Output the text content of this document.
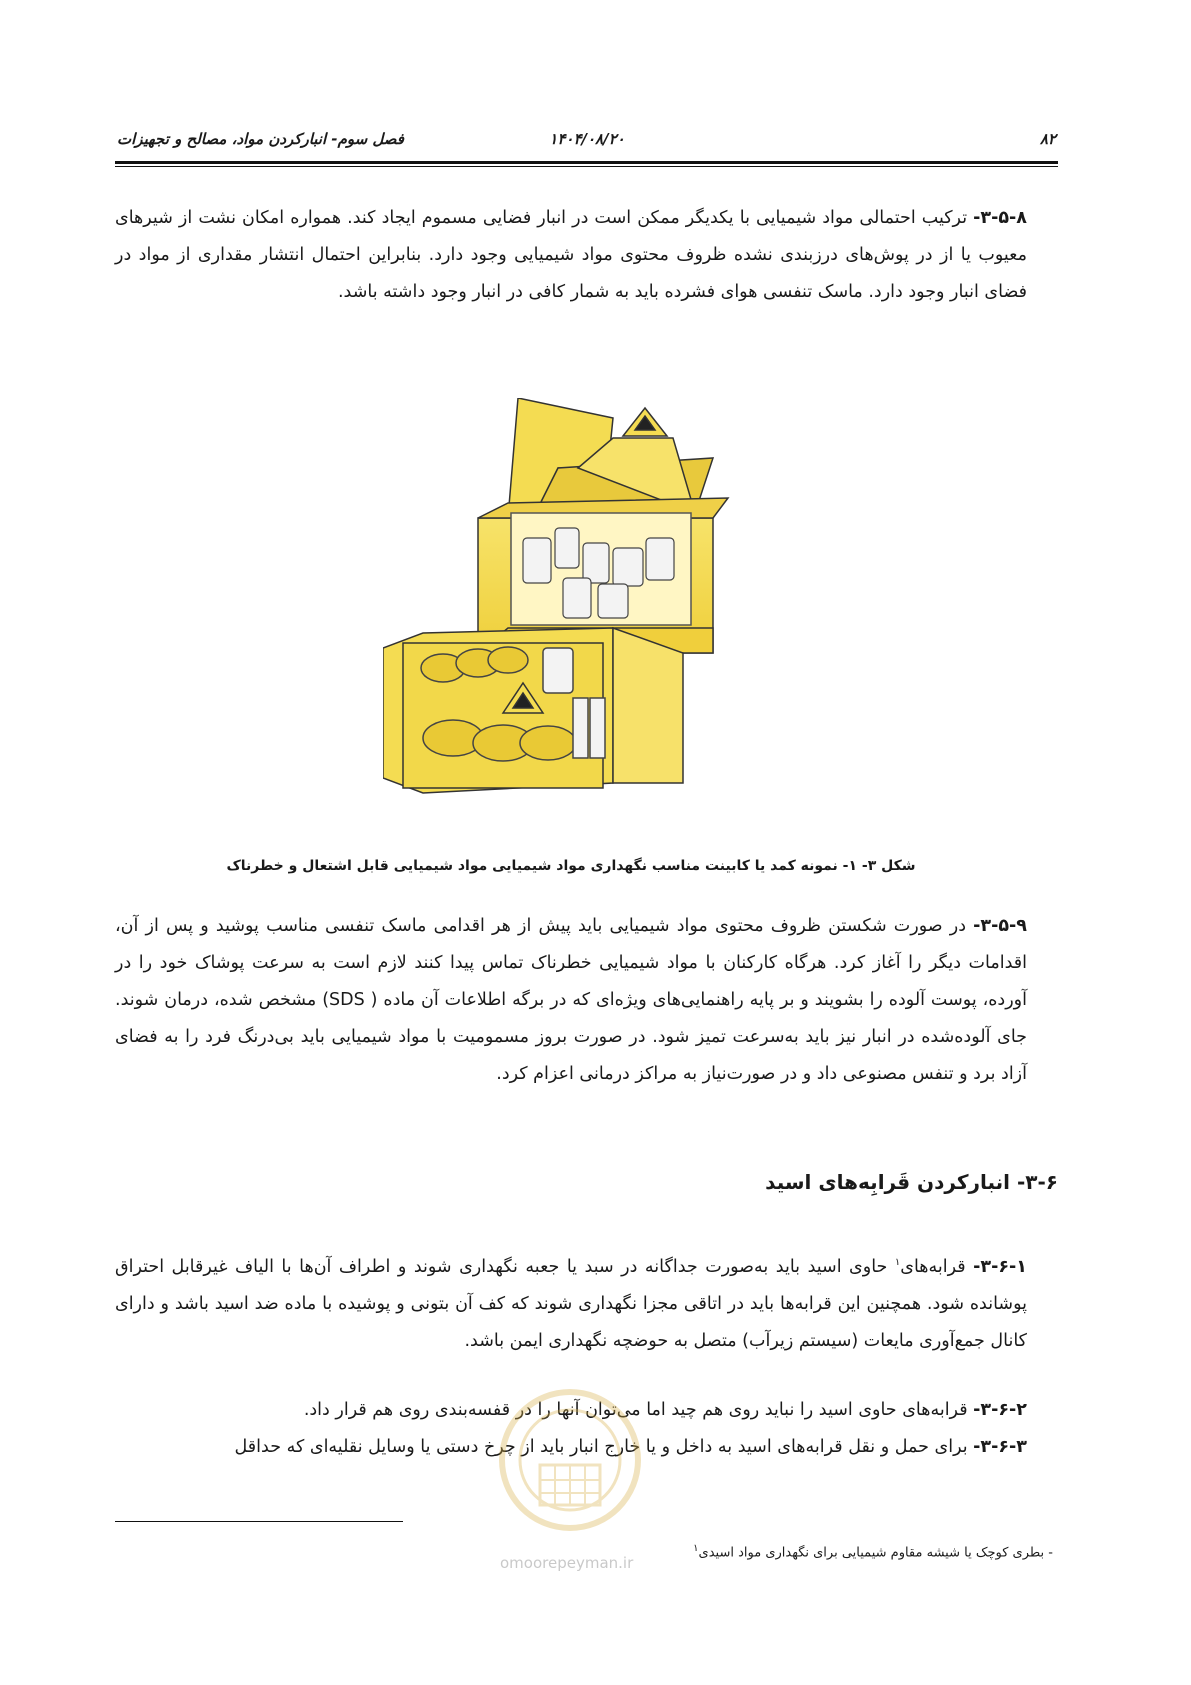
۸۲
۱۴۰۴/۰۸/۲۰
فصل سوم- انبارکردن مواد، مصالح و تجهیزات

۳-۵-۸- ترکیب احتمالی مواد شیمیایی با یکدیگر ممکن است در انبار فضایی مسموم ایجاد کند. همواره امکان نشت از شیرهای معیوب یا از در پوش‌های درزبندی نشده ظروف محتوی مواد شیمیایی وجود دارد. بنابراین احتمال انتشار مقداری از مواد در فضای انبار وجود دارد. ماسک تنفسی هوای فشرده باید به شمار کافی در انبار وجود داشته باشد.

شکل ۳- ۱- نمونه کمد یا کابینت مناسب نگهداری مواد شیمیایی مواد شیمیایی قابل اشتعال و خطرناک

۳-۵-۹- در صورت شکستن ظروف محتوی مواد شیمیایی باید پیش از هر اقدامی ماسک تنفسی مناسب پوشید و پس از آن، اقدامات دیگر را آغاز کرد. هرگاه کارکنان با مواد شیمیایی خطرناک تماس پیدا کنند لازم است به سرعت پوشاک خود را در آورده، پوست آلوده را بشویند و بر پایه راهنمایی‌های ویژه‌ای که در برگه اطلاعات آن ماده ( SDS) مشخص شده، درمان شوند. جای آلوده‌شده در انبار نیز باید به‌سرعت تمیز شود. در صورت بروز مسمومیت با مواد شیمیایی باید بی‌درنگ فرد را به فضای آزاد برد و تنفس مصنوعی داد و در صورت‌نیاز به مراکز درمانی اعزام کرد.

۳-۶- انبارکردن قَرابِه‌های اسید

۳-۶-۱- قرابه‌های$^۱$ حاوی اسید باید به‌صورت جداگانه در سبد یا جعبه نگهداری شوند و اطراف آن‌ها با الیاف غیرقابل احتراق پوشانده شود. همچنین این قرابه‌ها باید در اتاقی مجزا نگهداری شوند که کف آن بتونی و پوشیده با ماده ضد اسید باشد و دارای کانال جمع‌آوری مایعات (سیستم زیرآب) متصل به حوضچه نگهداری ایمن باشد.

۳-۶-۲- قرابه‌های حاوی اسید را نباید روی هم چید اما می‌توان آنها را در قفسه‌بندی روی هم قرار داد.

۳-۶-۳- برای حمل و نقل قرابه‌های اسید به داخل و یا خارج انبار باید از چرخ دستی یا وسایل نقلیه‌ای که حداقل

omoorepeyman.ir
- بطری کوچک یا شیشه مقاوم شیمیایی برای نگهداری مواد اسیدی$^۱$
